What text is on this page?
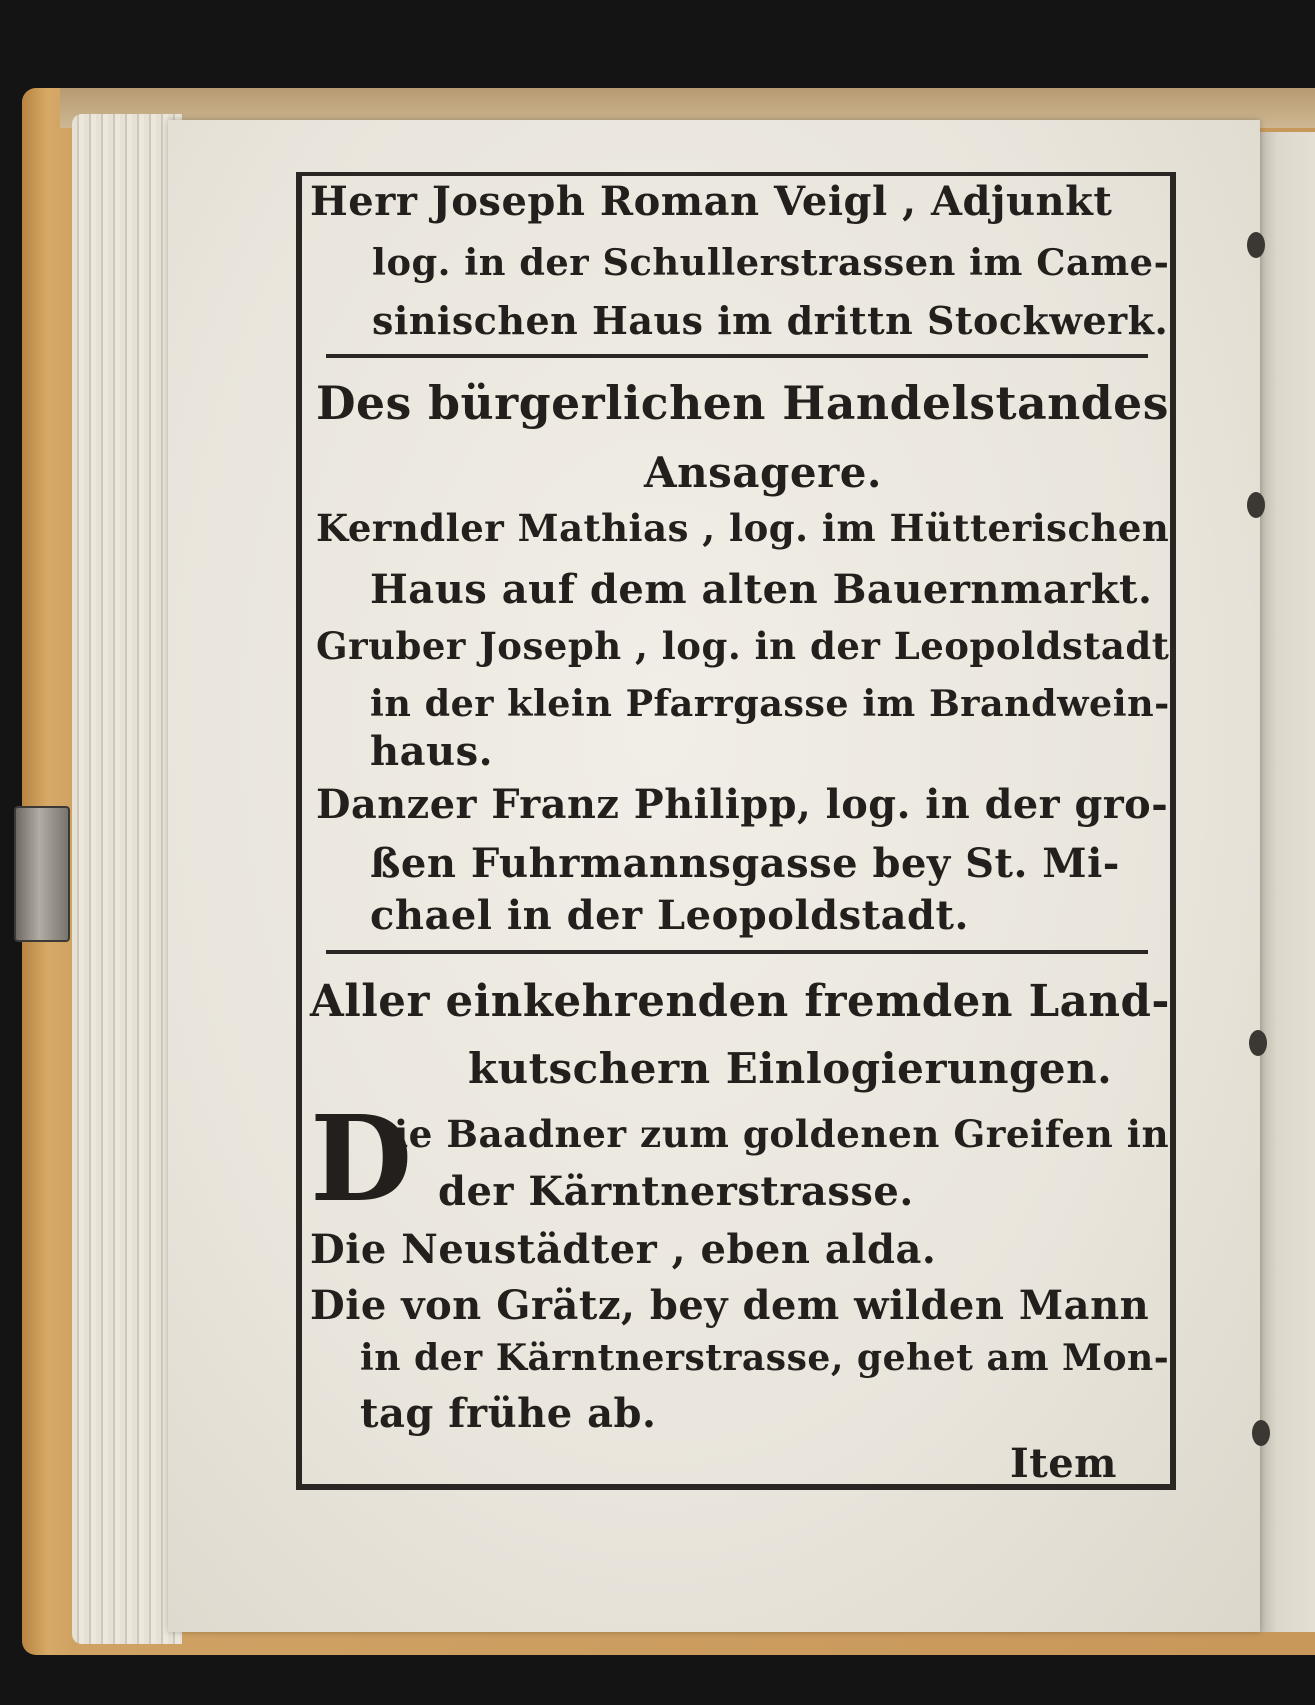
Herr Joseph Roman Veigl , Adjunkt
log. in der Schullerstrassen im Came-
sinischen Haus im drittn Stockwerk.
Des bürgerlichen Handelstandes
Ansagere.
Kerndler Mathias , log. im Hütterischen
Haus auf dem alten Bauernmarkt.
Gruber Joseph , log. in der Leopoldstadt
in der klein Pfarrgasse im Brandwein-
haus.
Danzer Franz Philipp, log. in der gro-
ßen Fuhrmannsgasse bey St. Mi-
chael in der Leopoldstadt.
Aller einkehrenden fremden Land-
kutschern Einlogierungen.
D
ie Baadner zum goldenen Greifen in
der Kärntnerstrasse.
Die Neustädter , eben alda.
Die von Grätz, bey dem wilden Mann
in der Kärntnerstrasse, gehet am Mon-
tag frühe ab.
Item
